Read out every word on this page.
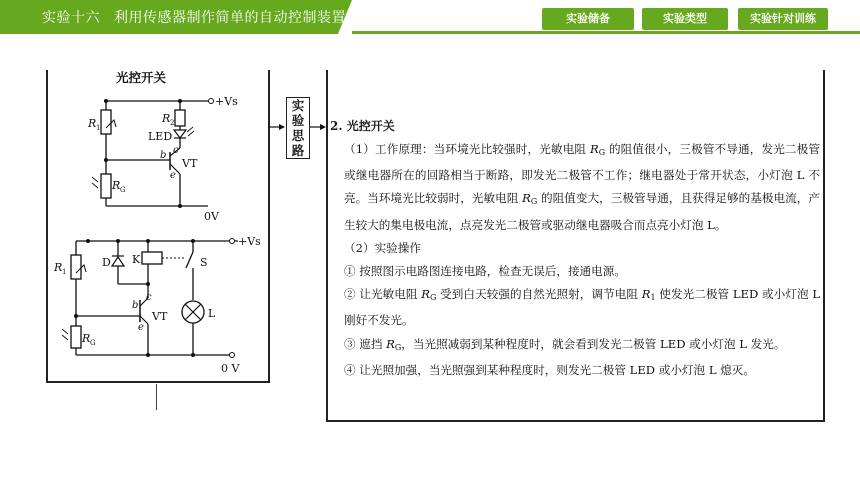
实验十六 利用传感器制作简单的自动控制装置	实验储备	实验类型	实验针对训练
光控开关
+Vs
R 1
R 2
LED
b c
e
VT
R G
0V
+Vs
R 1
D K	S
L
b
c
e
VT
R G
0 V
实
验
思
路
2. 光控开关
（1）工作原理：当环境光比较强时，光敏电阻 $R_G$ 的阻值很小，三极管不导通，发光二极管或继电器所在的回路相当于断路，即发光二极管不工作；继电器处于常开状态，小灯泡 L 不亮。当环境光比较弱时，光敏电阻 $R_G$ 的阻值变大，三极管导通，且获得足够的基极电流，产生较大的集电极电流，点亮发光二极管或驱动继电器吸合而点亮小灯泡 L。
（2）实验操作
① 按照图示电路图连接电路，检查无误后，接通电源。
② 让光敏电阻 $R_G$ 受到白天较强的自然光照射，调节电阻 $R_1$ 使发光二极管 LED 或小灯泡 L 刚好不发光。
③ 遮挡 $R_G$，当光照减弱到某种程度时，就会看到发光二极管 LED 或小灯泡 L 发光。
④ 让光照加强，当光照强到某种程度时，则发光二极管 LED 或小灯泡 L 熄灭。
